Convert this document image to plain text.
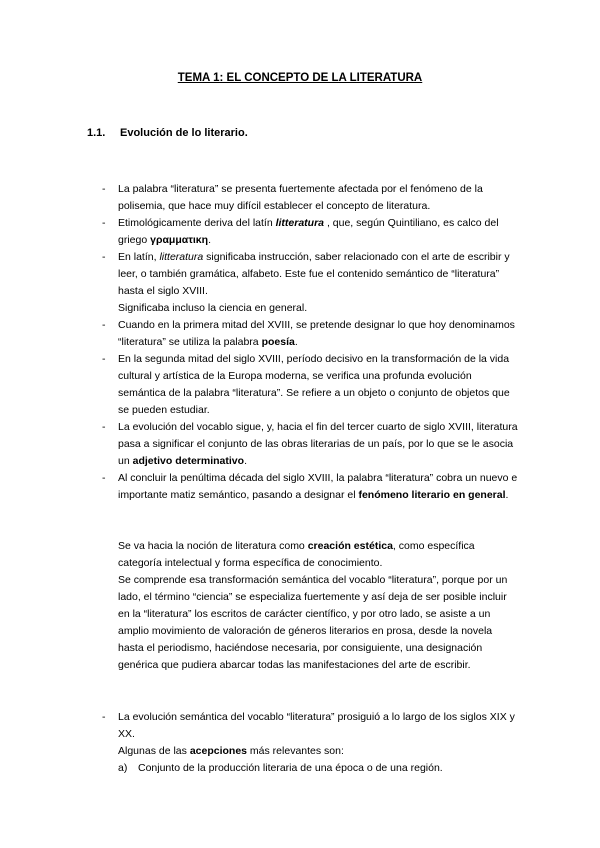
TEMA 1: EL CONCEPTO DE LA LITERATURA
1.1. Evolución de lo literario.
- La palabra “literatura” se presenta fuertemente afectada por el fenómeno de la polisemia, que hace muy difícil establecer el concepto de literatura.
- Etimológicamente deriva del latín litteratura , que, según Quintiliano, es calco del griego γραμματικη.
- En latín, litteratura significaba instrucción, saber relacionado con el arte de escribir y leer, o también gramática, alfabeto. Este fue el contenido semántico de “literatura” hasta el siglo XVIII.
Significaba incluso la ciencia en general.
- Cuando en la primera mitad del XVIII, se pretende designar lo que hoy denominamos “literatura” se utiliza la palabra poesía.
- En la segunda mitad del siglo XVIII, período decisivo en la transformación de la vida cultural y artística de la Europa moderna, se verifica una profunda evolución semántica de la palabra “literatura”. Se refiere a un objeto o conjunto de objetos que se pueden estudiar.
- La evolución del vocablo sigue, y, hacia el fin del tercer cuarto de siglo XVIII, literatura pasa a significar el conjunto de las obras literarias de un país, por lo que se le asocia un adjetivo determinativo.
- Al concluir la penúltima década del siglo XVIII, la palabra “literatura” cobra un nuevo e importante matiz semántico, pasando a designar el fenómeno literario en general.
Se va hacia la noción de literatura como creación estética, como específica categoría intelectual y forma específica de conocimiento.
Se comprende esa transformación semántica del vocablo “literatura”, porque por un lado, el término “ciencia” se especializa fuertemente y así deja de ser posible incluir en la “literatura” los escritos de carácter científico, y por otro lado, se asiste a un amplio movimiento de valoración de géneros literarios en prosa, desde la novela hasta el periodismo, haciéndose necesaria, por consiguiente, una designación genérica que pudiera abarcar todas las manifestaciones del arte de escribir.
- La evolución semántica del vocablo “literatura” prosiguió a lo largo de los siglos XIX y XX.
Algunas de las acepciones más relevantes son:
a) Conjunto de la producción literaria de una época o de una región.
